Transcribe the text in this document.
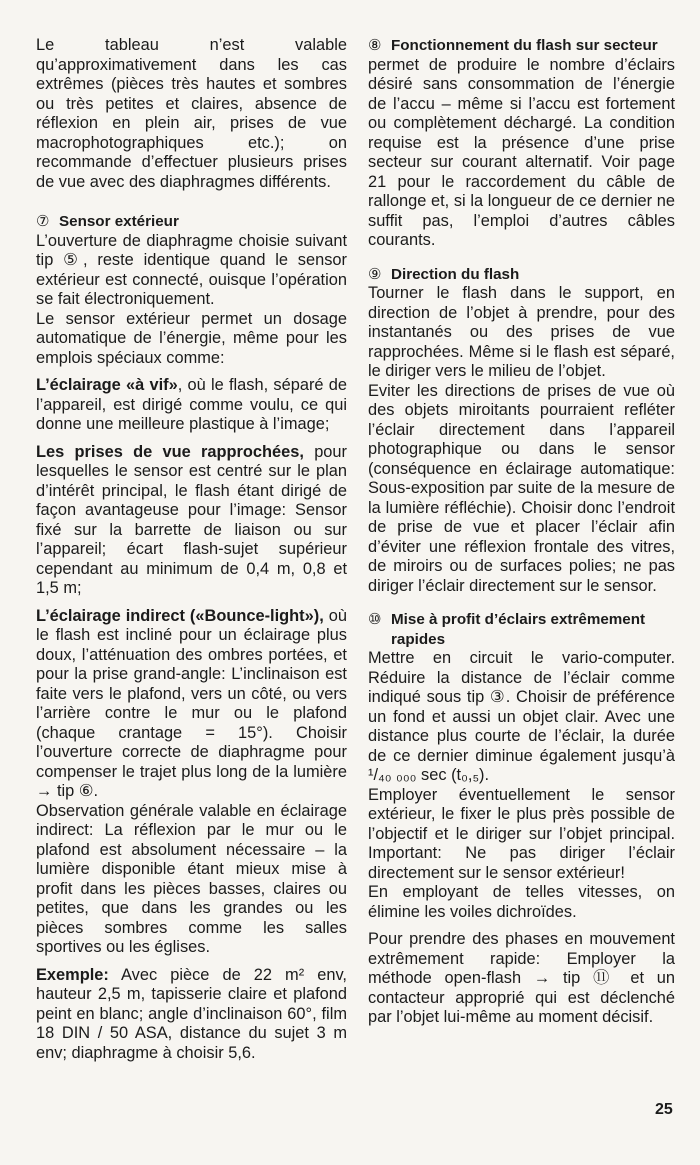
Le tableau n’est valable qu’approximativement dans les cas extrêmes (pièces très hautes et sombres ou très petites et claires, absence de réflexion en plein air, prises de vue macrophotographiques etc.); on recommande d’effectuer plusieurs prises de vue avec des diaphragmes différents.

⑦ Sensor extérieur

L’ouverture de diaphragme choisie suivant tip ⑤, reste identique quand le sensor extérieur est connecté, ouisque l’opération se fait électroniquement.

Le sensor extérieur permet un dosage automatique de l’énergie, même pour les emplois spéciaux comme:

L’éclairage «à vif», où le flash, séparé de l’appareil, est dirigé comme voulu, ce qui donne une meilleure plastique à l’image;

Les prises de vue rapprochées, pour lesquelles le sensor est centré sur le plan d’intérêt principal, le flash étant dirigé de façon avantageuse pour l’image: Sensor fixé sur la barrette de liaison ou sur l’appareil; écart flash-sujet supérieur cependant au minimum de 0,4 m, 0,8 et 1,5 m;

L’éclairage indirect («Bounce-light»), où le flash est incliné pour un éclairage plus doux, l’atténuation des ombres portées, et pour la prise grand-angle: L’inclinaison est faite vers le plafond, vers un côté, ou vers l’arrière contre le mur ou le plafond (chaque crantage = 15°). Choisir l’ouverture correcte de diaphragme pour compenser le trajet plus long de la lumière → tip ⑥.

Observation générale valable en éclairage indirect: La réflexion par le mur ou le plafond est absolument nécessaire – la lumière disponible étant mieux mise à profit dans les pièces basses, claires ou petites, que dans les grandes ou les pièces sombres comme les salles sportives ou les églises.

Exemple: Avec pièce de 22 m² env, hauteur 2,5 m, tapisserie claire et plafond peint en blanc; angle d’inclinaison 60°, film 18 DIN / 50 ASA, distance du sujet 3 m env; diaphragme à choisir 5,6.

⑧ Fonctionnement du flash sur secteur

permet de produire le nombre d’éclairs désiré sans consommation de l’énergie de l’accu – même si l’accu est fortement ou complètement déchargé. La condition requise est la présence d’une prise secteur sur courant alternatif. Voir page 21 pour le raccordement du câble de rallonge et, si la longueur de ce dernier ne suffit pas, l’emploi d’autres câbles courants.

⑨ Direction du flash

Tourner le flash dans le support, en direction de l’objet à prendre, pour des instantanés ou des prises de vue rapprochées. Même si le flash est séparé, le diriger vers le milieu de l’objet.

Eviter les directions de prises de vue où des objets miroitants pourraient refléter l’éclair directement dans l’appareil photographique ou dans le sensor (conséquence en éclairage automatique: Sous-exposition par suite de la mesure de la lumière réfléchie). Choisir donc l’endroit de prise de vue et placer l’éclair afin d’éviter une réflexion frontale des vitres, de miroirs ou de surfaces polies; ne pas diriger l’éclair directement sur le sensor.

⑩ Mise à profit d’éclairs extrêmement rapides

Mettre en circuit le vario-computer. Réduire la distance de l’éclair comme indiqué sous tip ③. Choisir de préférence un fond et aussi un objet clair. Avec une distance plus courte de l’éclair, la durée de ce dernier diminue également jusqu’à ¹/₄₀ ₀₀₀ sec (t₀,₅).

Employer éventuellement le sensor extérieur, le fixer le plus près possible de l’objectif et le diriger sur l’objet principal. Important: Ne pas diriger l’éclair directement sur le sensor extérieur!

En employant de telles vitesses, on élimine les voiles dichroïdes.

Pour prendre des phases en mouvement extrêmement rapide: Employer la méthode open-flash → tip ⑪ et un contacteur approprié qui est déclenché par l’objet lui-même au moment décisif.

25
